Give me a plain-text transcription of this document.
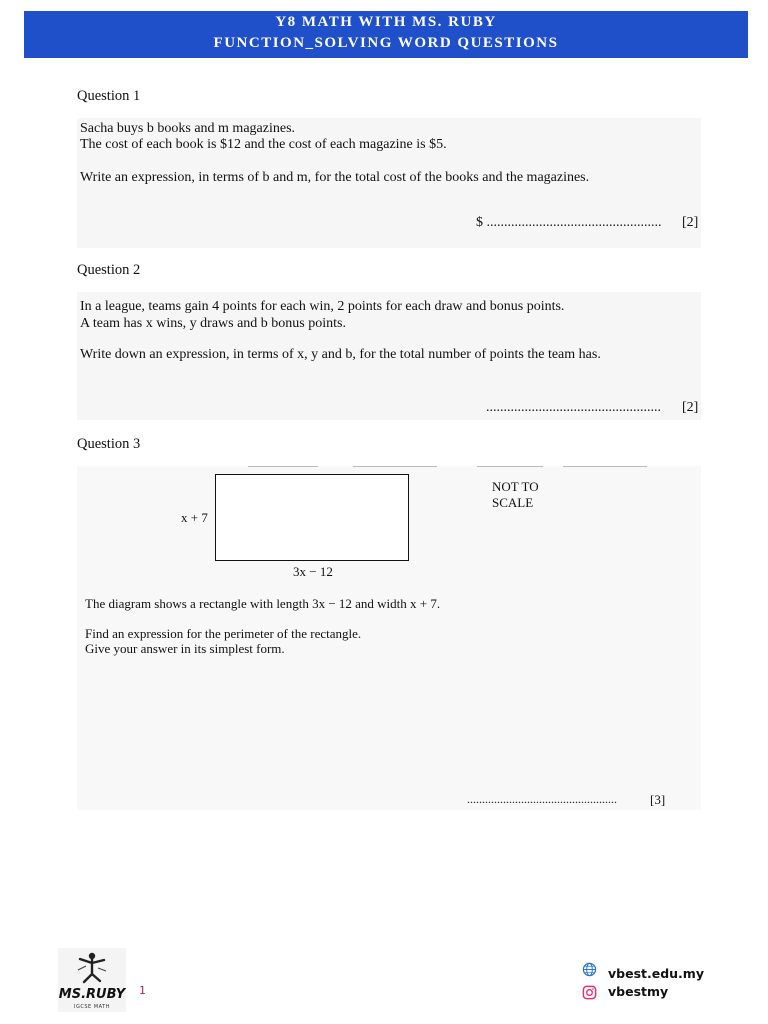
Y8 MATH WITH MS. RUBY
FUNCTION_SOLVING WORD QUESTIONS
Question 1
Sacha buys b books and m magazines.
The cost of each book is $12 and the cost of each magazine is $5.
Write an expression, in terms of b and m, for the total cost of the books and the magazines.
$ .................................................. [2]
Question 2
In a league, teams gain 4 points for each win, 2 points for each draw and bonus points.
A team has x wins, y draws and b bonus points.
Write down an expression, in terms of x, y and b, for the total number of points the team has.
.................................................. [2]
Question 3
x + 7
3x − 12
NOT TO
SCALE
The diagram shows a rectangle with length 3x − 12 and width x + 7.
Find an expression for the perimeter of the rectangle.
Give your answer in its simplest form.
..................................................	[3]
MS.RUBY
IGCSE MATH
1
vbest.edu.my
vbestmy
